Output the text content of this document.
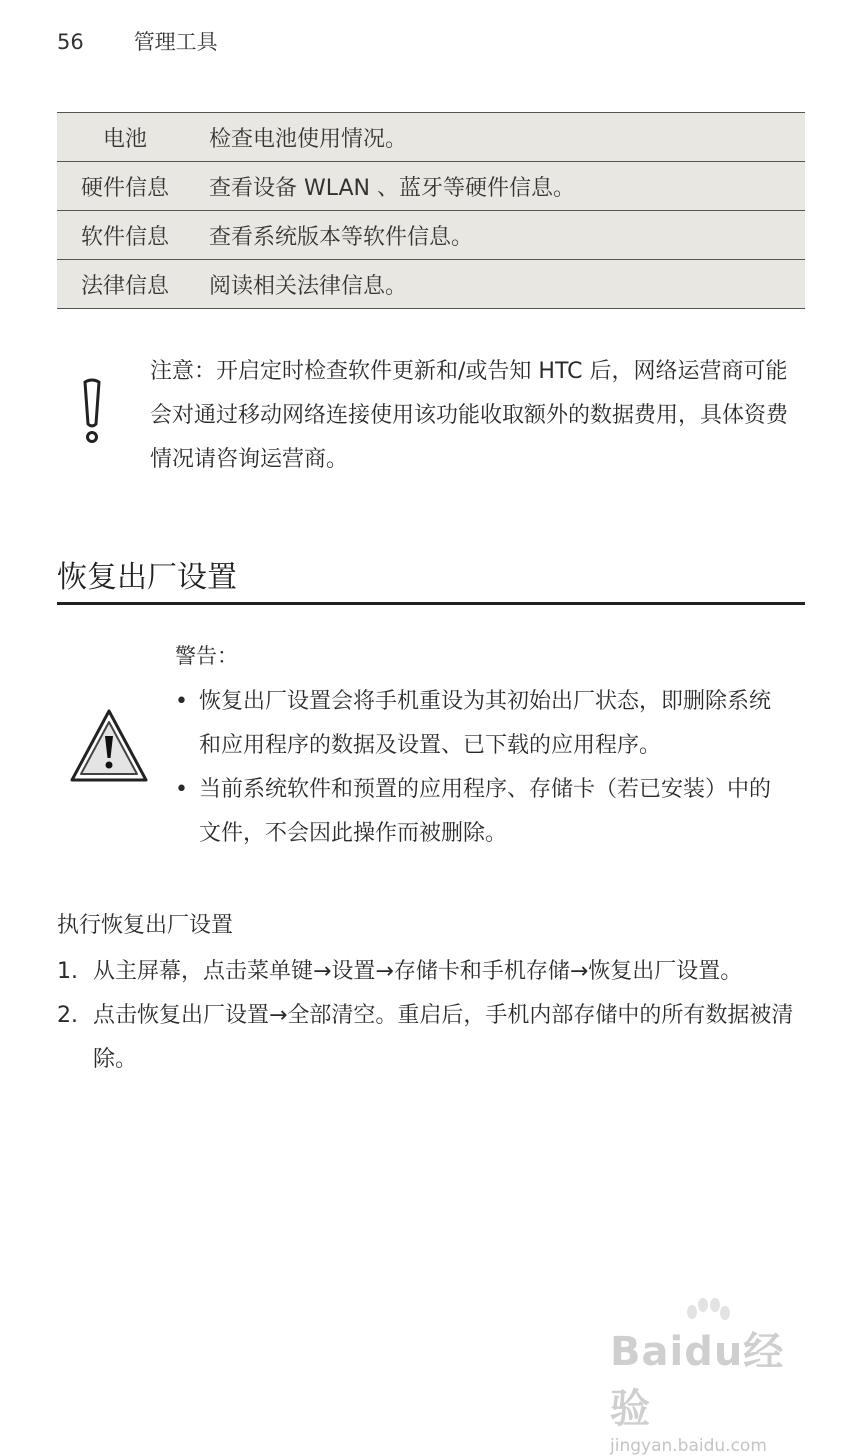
56 管理工具
电池	检查电池使用情况。
硬件信息	查看设备 WLAN 、蓝牙等硬件信息。
软件信息	查看系统版本等软件信息。
法律信息	阅读相关法律信息。
注意：开启定时检查软件更新和/或告知 HTC 后，网络运营商可能会对通过移动网络连接使用该功能收取额外的数据费用，具体资费情况请咨询运营商。
恢复出厂设置
警告：
• 恢复出厂设置会将手机重设为其初始出厂状态，即删除系统和应用程序的数据及设置、已下载的应用程序。
• 当前系统软件和预置的应用程序、存储卡（若已安装）中的文件，不会因此操作而被删除。
执行恢复出厂设置
1. 从主屏幕，点击菜单键→设置→存储卡和手机存储→恢复出厂设置。
2. 点击恢复出厂设置→全部清空。重启后，手机内部存储中的所有数据被清除。
Baidu经验
jingyan.baidu.com
